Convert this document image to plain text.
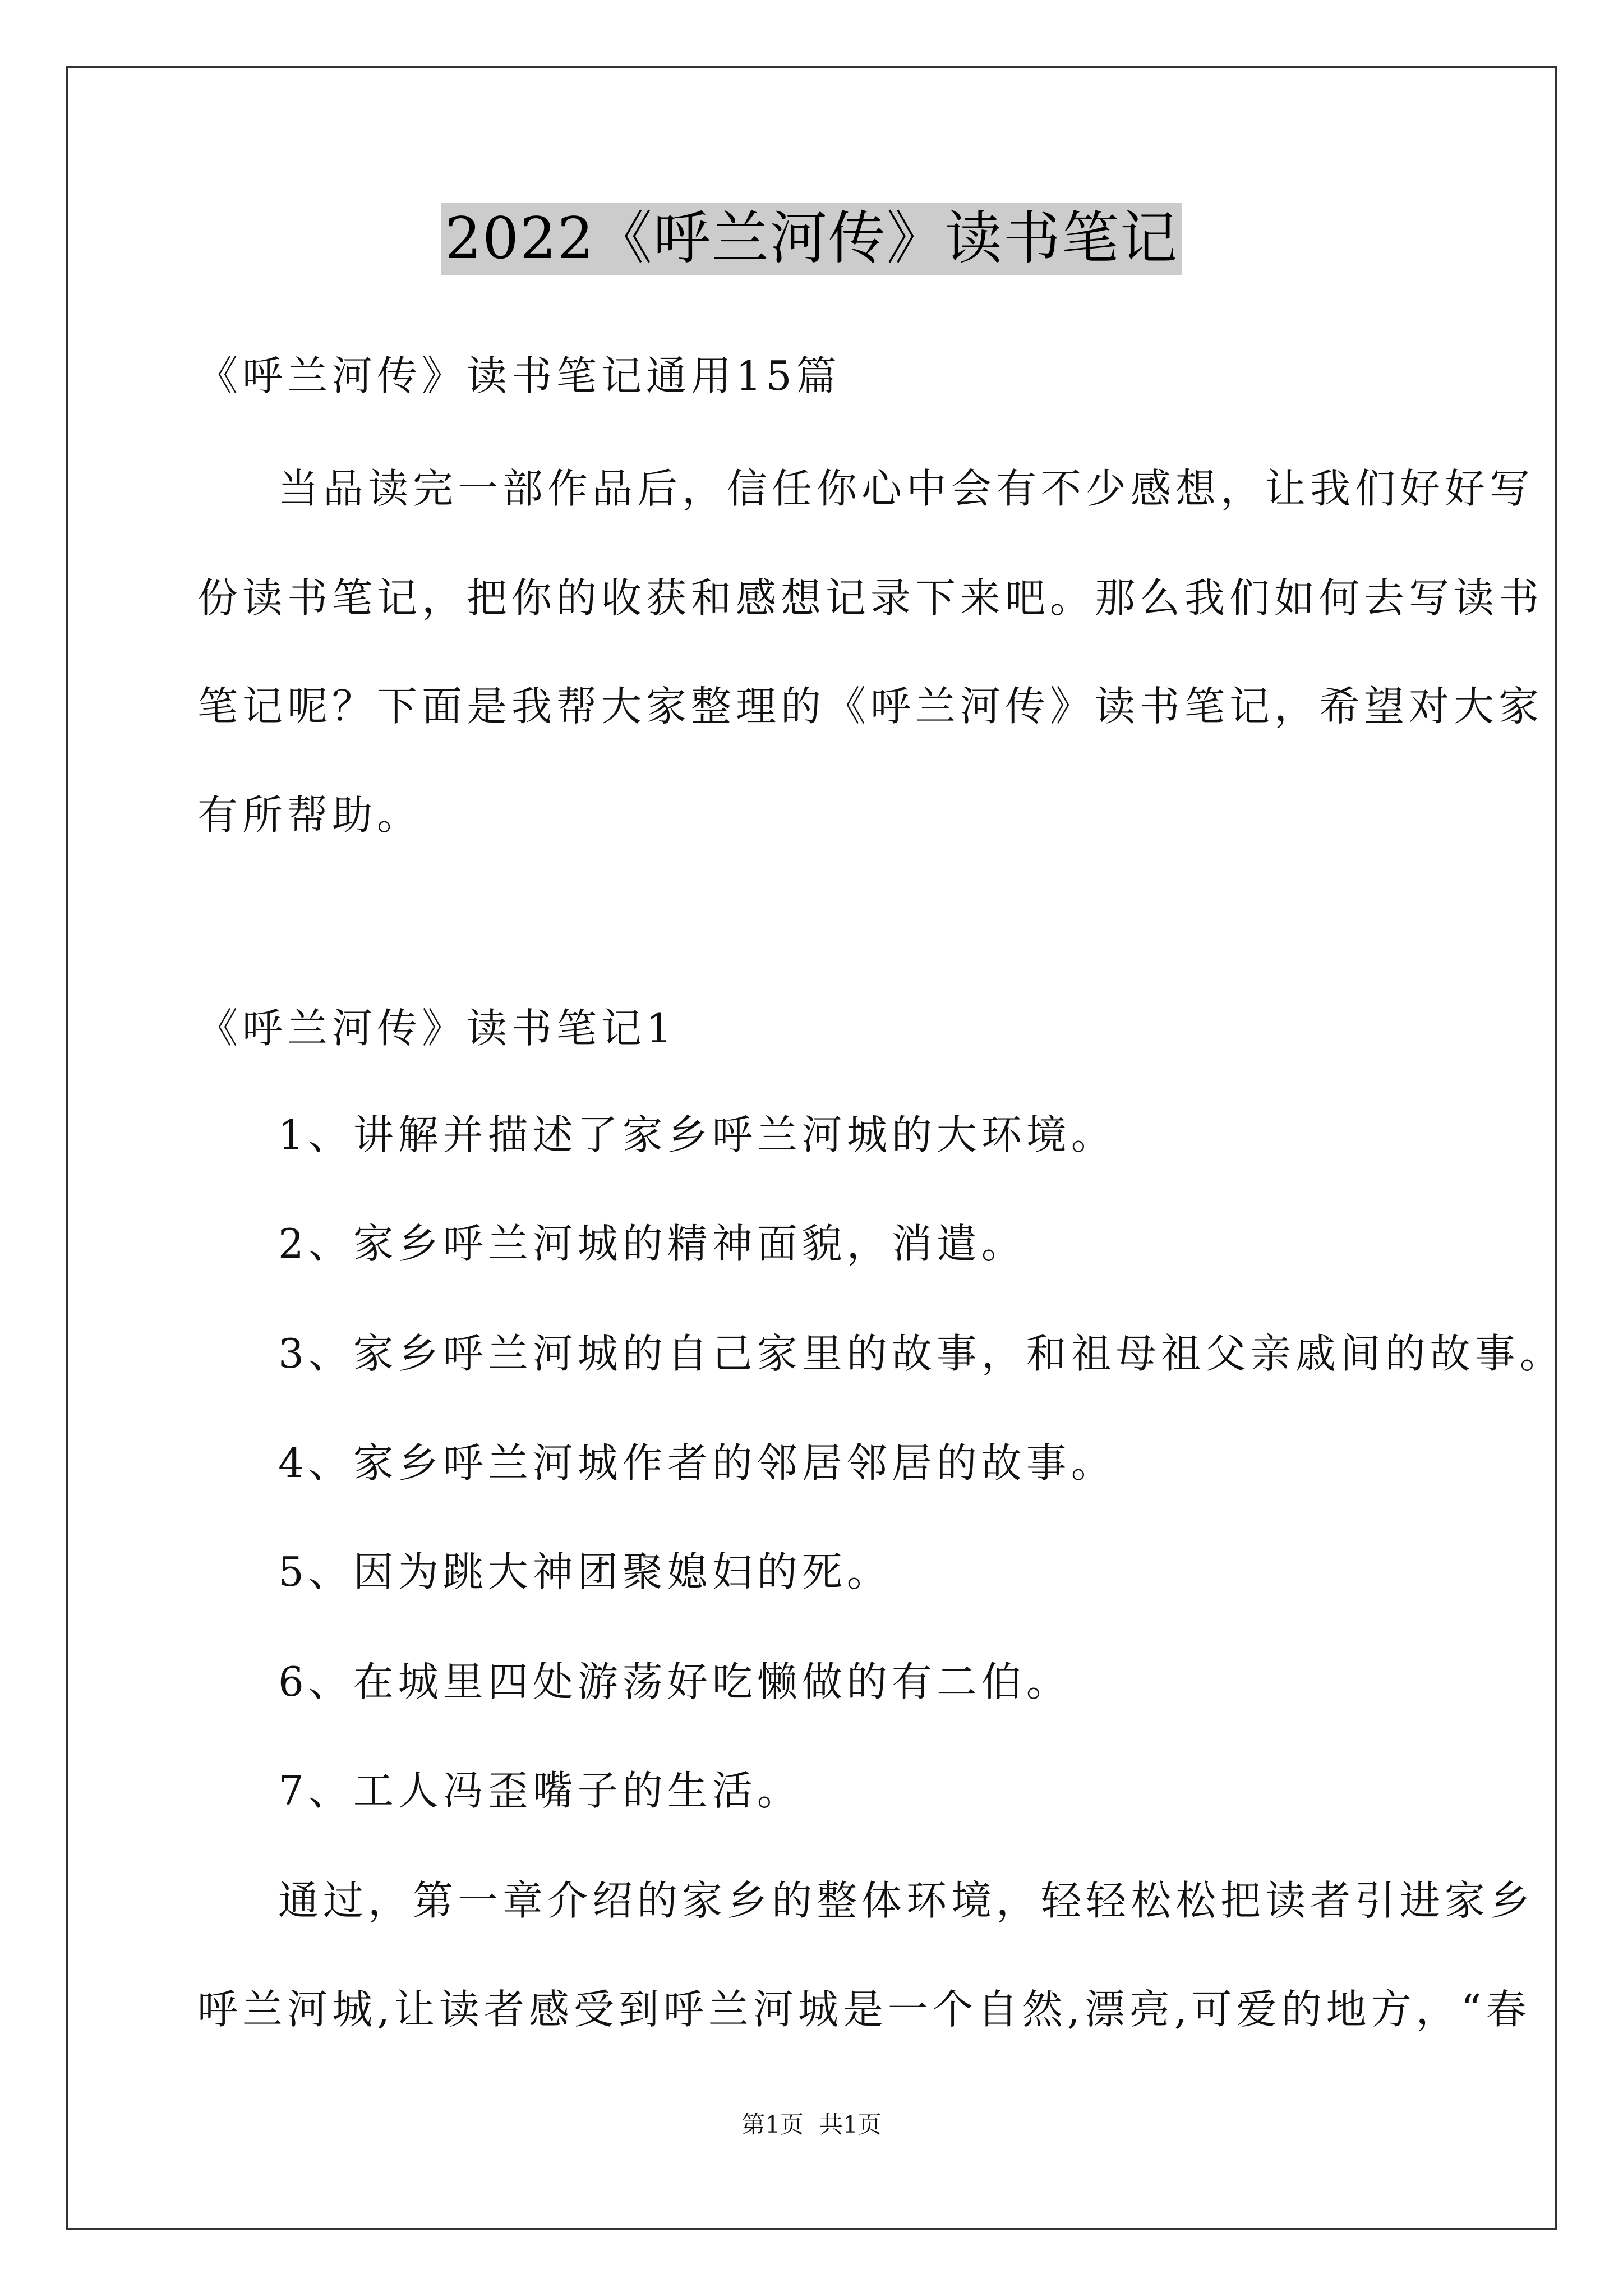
2022《呼兰河传》读书笔记
《呼兰河传》读书笔记通用15篇
当品读完一部作品后，信任你心中会有不少感想，让我们好好写
份读书笔记，把你的收获和感想记录下来吧。那么我们如何去写读书
笔记呢？下面是我帮大家整理的《呼兰河传》读书笔记，希望对大家
有所帮助。
《呼兰河传》读书笔记1
1、讲解并描述了家乡呼兰河城的大环境。
2、家乡呼兰河城的精神面貌，消遣。
3、家乡呼兰河城的自己家里的故事，和祖母祖父亲戚间的故事。
4、家乡呼兰河城作者的邻居邻居的故事。
5、因为跳大神团聚媳妇的死。
6、在城里四处游荡好吃懒做的有二伯。
7、工人冯歪嘴子的生活。
通过，第一章介绍的家乡的整体环境，轻轻松松把读者引进家乡
呼兰河城,让读者感受到呼兰河城是一个自然,漂亮,可爱的地方，“春
第1页 共1页
